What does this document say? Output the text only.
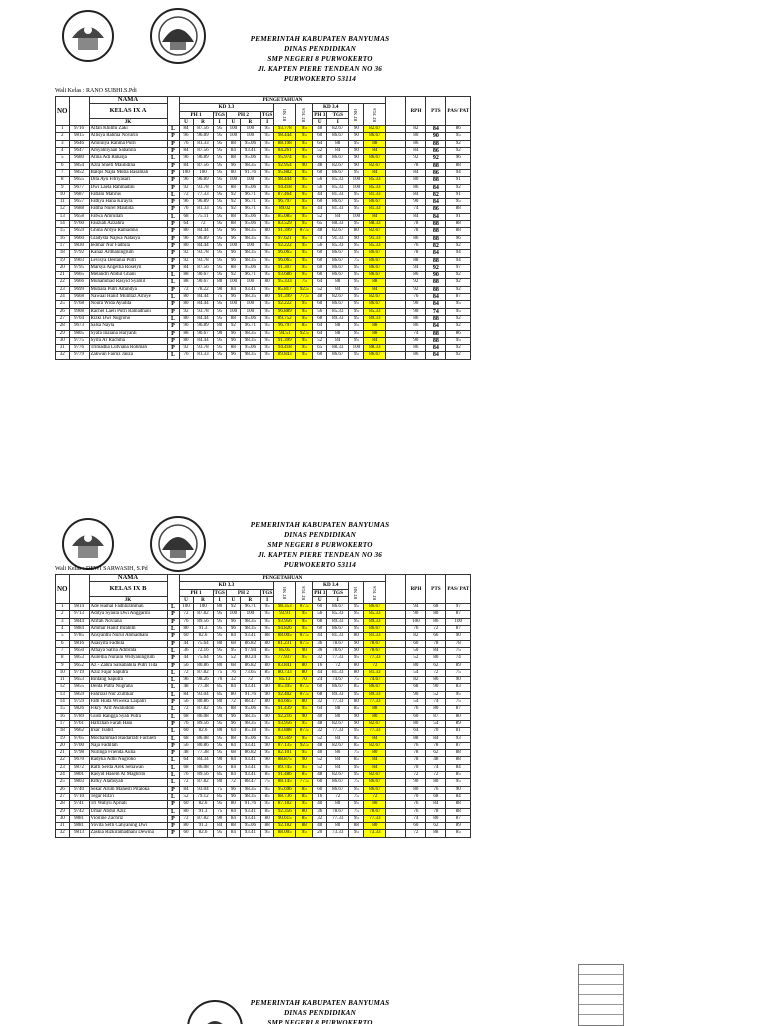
PEMERINTAH KABUPATEN BANYUMAS
DINAS PENDIDIKAN
SMP NEGERI 8 PURWOKERTO
Jl. KAPTEN PIERE TENDEAN NO 36
PURWOKERTO 53114
Wali Kelas : RANO SUBHI.S.Pdi
NO		NAMA		PENGETAHUAN													RPH	PTS	PAS/ PAT
		KELAS IX A		KD 3.3						RT NH	RT TGS	KD 3.4		RT NH	RT TGS				
				PH 1		TGS	PH 2		TGS			PH 3	TGS						
		JK		U	R	I	U	R	I			U	I						
1	9716	Alfan Khilmi Zaki	L	84	87.56	95	100	100	95	93.778	95	48	82.67	90	82.67		82	84	86
2	9815	Allisya Rahma Novarin	P	96	96.89	95	100	100	95	98.444	95	60	86.67	90	86.67		80	90	95
3	9646	Aminilya Rahma Putri	P	76	81.33	95	88	95.06	95	88.198	95	64	88	95	88		86	88	92
4	9647	Amyahliyaan Sabahila	P	84	87.56	95	84	93.41	95	84.261	95	52	84	90	84		84	86	92
5	9680	Atina Adi Raharja	L	96	96.89	95	88	95.06	95	95.974	95	60	86.67	90	86.67		92	92	96
6	9854	Azra Shiefi Maulidina	P	84	87.56	95	96	98.35	95	92.954	90	48	82.67	90	82.67		78	88	88
7	9852	Balqis Najla Mutia Basamah	P	100	100	95	80	91.76	95	95.882	95	60	86.67	95	84		84	86	94
8	9655	Dita Ayu Fitriyasari	P	96	96.89	95	100	100	95	98.444	95	56	85.33	100	85.33		80	88	91
9	9677	Dwi Laela Rahmadini	P	92	93.78	95	88	95.06	95	94.418	95	56	85.33	100	85.33		86	84	92
10	9687	Fatlani Mahrus	L	72	77.33	95	92	96.71	95	87.464	95	44	81.33	95	81.33		84	82	91
11	9657	Fathya Hana Kirayra	P	96	96.89	95	92	96.71	95	96.797	95	60	86.67	95	86.67		90	84	95
12	9688	Fatma Nurel Maulida	P	76	81.33	95	92	96.71	95	89.02	95	44	81.33	95	81.33		74	86	88
13	9658	Fatwa Amrullah	L	68	75.11	95	88	95.06	95	85.085	95	52	84	100	84		84	84	91
14	9760	Fauziah Azzahra	P	64	72	95	88	95.06	95	83.529	95	65	88.33	95	88.33		78	88	88
15	9659	Ghina Ardya Ramadina	P	80	84.44	95	96	98.35	80	91.399	87.5	48	82.67	80	82.67		78	88	88
16	9660	Gladysta Najwa Natasya	P	96	96.89	95	96	98.35	95	97.621	95	74	91.33	90	91.33		86	88	96
17	9830	Iedihar Nur Fadhila	P	80	84.44	95	100	100	95	92.222	95	56	85.33	95	85.33		76	82	92
18	9792	Kanaz Ardhaningrum	P	92	93.78	95	96	98.35	95	96.065	95	60	86.67	95	86.67		78	84	94
19	9903	Levisya Destania Putri	P	92	93.78	95	96	98.35	95	96.065	95	60	86.67	75	86.67		88	88	94
20	9795	Marsya Angellia Roselyn	P	84	87.56	95	88	95.06	95	91.307	95	60	86.67	95	86.67		94	92	97
21	9665	Melandri Abdul Ghani	L	88	90.67	95	92	96.71	95	93.686	95	60	86.67	95	86.67		86	90	92
22	9666	Muhammad Rasyid Syamil	L	88	90.67	80	100	100	80	95.333	75	64	88	95	88		92	88	92
23	9699	Mutiara Putri Amindya	P	72	78.22	90	84	93.41	95	85.817	92.5	52	84	95	84		92	88	92
24	9668	Nawaal Hanif Mumtaz Amiye	L	80	84.44	75	96	98.35	80	91.399	77.5	48	82.67	95	82.67		76	84	87
25	9768	Noura Wida Ayudita	P	80	84.44	95	100	100	95	92.222	95	60	86.67	95	86.67		90	84	95
26	9908	Rachel Laeli Putri Ramadhani	P	92	93.78	95	100	100	95	96.889	95	56	85.33	95	85.33		90	74	95
27	9704	Rizki Dwi Nugroho	L	80	84.44	95	88	95.06	95	89.752	95	68	89.33	95	89.33		86	88	92
28	9673	Salsa Nayla	P	96	96.89	80	92	96.71	95	96.797	85	64	88	95	88		86	84	92
29	9805	Syafa Inaiana Haryanti	P	88	90.67	90	96	98.35	95	94.51	92.5	64	88	95	88		74	88	86
30	9775	Syifa Ar Rachma	P	80	84.44	95	96	98.35	95	91.399	95	52	84	95	84		90	88	95
31	9776	Trimadha Lutviana Rohmah	P	92	93.78	95	88	95.06	95	94.418	95	65	88.33	100	88.33		86	84	92
32	9779	Zakwan Fairuz Jauza	L	76	81.33	95	96	98.35	95	89.843	95	60	86.67	95	86.67		86	84	92
PEMERINTAH KABUPATEN BANYUMAS
DINAS PENDIDIKAN
SMP NEGERI 8 PURWOKERTO
Jl. KAPTEN PIERE TENDEAN NO 36
PURWOKERTO 53114
Wali Kelas : DEWI SARWASIH, S.Pd
NO		NAMA		PENGETAHUAN													RPH	PTS	PAS/ PAT
		KELAS IX B		KD 3.3						RT NH	RT TGS	KD 3.4		RT NH	RT TGS				
				PH 1		TGS	PH 2		TGS			PH 3	TGS						
		JK		U	R	I	U	R	I			U	I						
1	9814	Ade Hamal Fadhlurahman	L	100	100	80	92	96.71	95	98.353	87.5	60	86.67	95	86.67		94	68	97
2	9713	Aditya Syaula Dwi Anggarini	P	72	87.82	95	100	100	95	93.91	95	56	85.33	95	85.33		90	80	87
3	9844	Afifah Noviana	P	76	89.56	95	96	98.35	95	93.956	95	68	89.33	95	89.33		100	86	100
4	9884	Ammar Hanif Ibrahim	L	80	91.3	95	96	98.35	95	94.826	95	60	86.67	95	86.67		76	72	87
5	9785	Ansyanthi Nurul Ahmadhani	P	60	82.6	95	84	93.41	88	88.005	87.5	44	81.33	80	81.33		82	66	90
6	9816	Asasyifa Fadhila	P	44	75.64	80	68	86.82	80	81.231	87.5	36	78.67	90	78.67		60	78	78
7	9650	Athaya Satria Adibrata	L	36	72.16	95	95	97.94	85	85.05	90	36	78.67	90	78.67		50	84	75
8	9853	Aurellia Nuraini Widyaningrum	P	44	75.64	95	52	80.24	95	77.937	95	32	77.33	95	77.33		52	80	74
9	9652	Az - Zahra Salsabahila Putri Tida	P	56	80.86	80	68	86.82	80	83.841	80	16	72	80	72		80	62	89
10	9719	Aziz Fajar Saputra	L	72	87.82	75	76	73.65	85	80.733	80	44	81.33	80	81.33		54	72	75
11	9653	Bintang Saputra	L	96	98.26	70	32	72	70	85.13	70	24	74.67	75	74.67		82	86	90
12	9855	Denta Putra Nugraha	L	48	77.38	85	84	93.41	90	85.395	87.5	60	86.67	85	86.67		68	90	83
13	9859	Fahrizal Nur Zulfikar	L	84	93.04	85	80	91.76	90	92.402	87.5	68	89.33	95	89.33		90	52	95
14	9759	Fath Huda Wiweka Laipatri	P	56	80.86	80	72	88.47	80	84.665	80	32	77.33	80	77.33		54	74	75
15	9826	Fikry 'Arif Awaluddin	L	72	87.82	95	88	95.06	95	91.439	95	64	88	85	88		76	80	87
16	9789	Gusti Rangga Syah Putra	L	68	86.08	90	96	98.35	90	92.216	90	40	80	90	80		60	87	80
17	9761	Hafizhah Farah Hani	P	76	89.56	95	96	98.35	95	93.956	95	48	82.67	90	82.67		80	54	89
18	9662	Irsar Tsabit	L	60	82.6	80	64	85.18	95	83.888	87.5	32	77.33	95	77.33		64	70	81
19	9765	Mochammad Haidarrafi Fachlefi	L	68	86.08	95	88	95.06	95	90.569	95	52	84	85	84		88	84	93
20	9700	Naja Fadillah	P	56	80.86	95	84	93.41	90	87.135	92.5	48	82.67	85	82.67		76	78	87
21	9798	Nuringa Frienda Aulia	P	48	77.38	95	68	86.82	95	82.101	95	40	80	75	80		78	62	88
22	9670	Radyka Adhi Nugroho	L	64	84.34	90	84	93.41	90	88.875	90	52	84	85	84		78	48	88
23	9872	Rafli Serda Arek Setiawan	L	68	86.08	95	84	93.41	95	89.745	95	52	84	95	84		70	74	84
24	9801	Rasyid Hasem Al Maghribi	L	76	89.56	85	84	93.41	85	91.486	85	48	82.67	95	82.67		72	72	85
25	9803	Rifky Alamsyah	L	72	87.82	80	72	88.47	75	88.145	77.5	60	86.67	75	86.67		90	80	95
26	9740	Sekar Arum Mahesti Pitaloka	P	84	93.04	75	96	98.35	95	95.696	85	60	86.67	95	86.67		80	76	90
27	9710	Tegar Rifa'i	L	52	79.12	85	96	98.35	85	88.736	85	16	72	75	72		70	68	84
28	9741	Tri Wahyu Apriati	P	60	82.6	95	80	91.76	95	87.182	95	40	80	95	80		76	84	88
29	9742	Umar Abdul Aziz	L	80	91.3	75	84	93.41	85	92.356	80	36	78.67	75	78.67		76	78	88
30	9881	Vioiline Zachriz	P	72	87.82	90	84	93.41	80	90.615	85	32	77.33	95	77.33		74	80	87
31	9881	Yovita Sefli Cahyaning Dwi	P	80	91.3	84	88	95.06	88	92.182	88	40	80	88	80		60	62	89
32	9813	Zaskia Rizkiramadhani Dewina	P	60	82.6	95	84	93.41	95	88.005	95	20	73.33	95	73.33		72	88	85
PEMERINTAH KABUPATEN BANYUMAS
DINAS PENDIDIKAN
SMP NEGERI 8 PURWOKERTO
